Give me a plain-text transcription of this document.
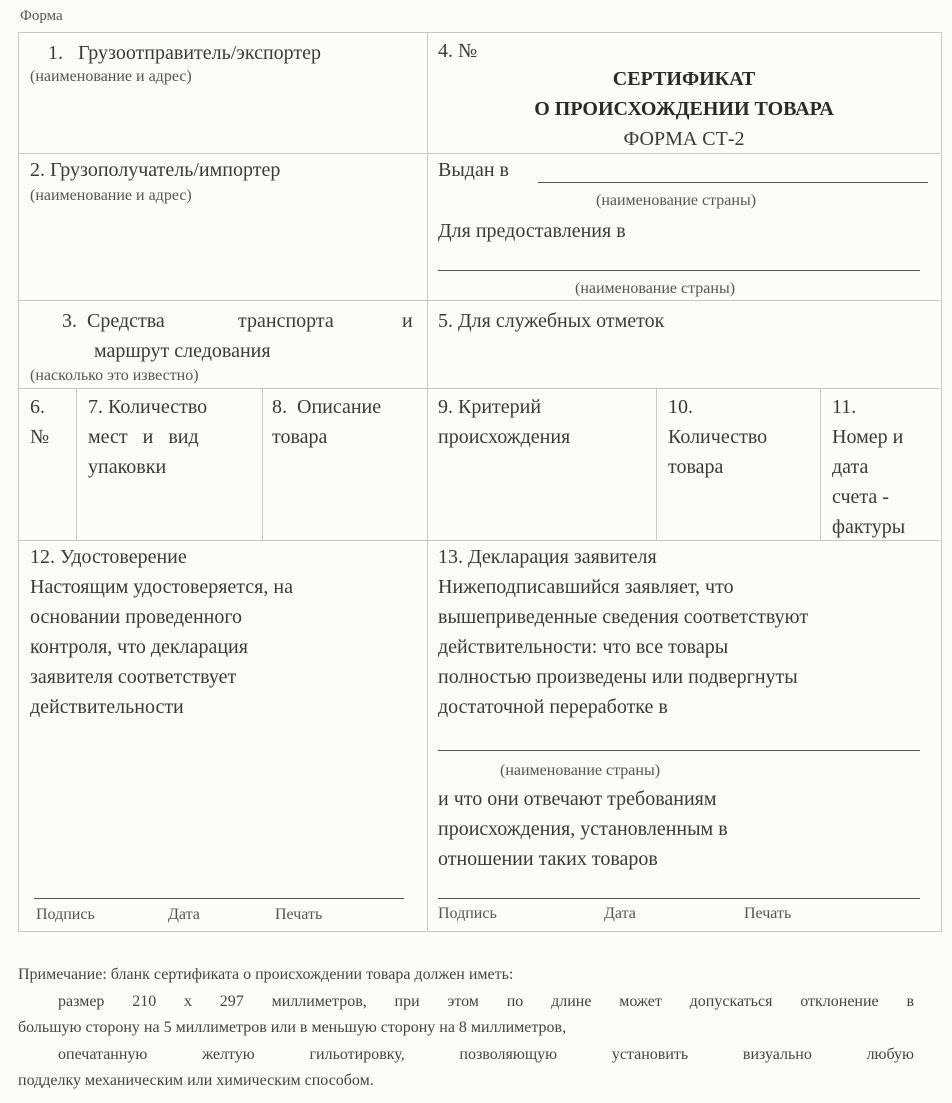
Форма
1.   Грузоотправитель/экспортер
(наименование и адрес)
4. №
СЕРТИФИКАТ
О ПРОИСХОЖДЕНИИ ТОВАРА
ФОРМА СТ-2
2. Грузополучатель/импортер
(наименование и адрес)
Выдан в
(наименование страны)
Для предоставления в
(наименование страны)
3.  Средства	транспорта	и
маршрут следования
(насколько это известно)
5. Для служебных отметок
6.
№
7. Количество
мест   и   вид
упаковки
8.  Описание
товара
9. Критерий
происхождения
10.
Количество
товара
11.
Номер и
дата
счета -
фактуры
12. Удостоверение
Настоящим удостоверяется, на
основании проведенного
контроля, что декларация
заявителя соответствует
действительности
Подпись	Дата	Печать
13. Декларация заявителя
Нижеподписавшийся заявляет, что
вышеприведенные сведения соответствуют
действительности: что все товары
полностью произведены или подвергнуты
достаточной переработке в
(наименование страны)
и что они отвечают требованиям
происхождения, установленным в
отношении таких товаров
Подпись	Дата	Печать
Примечание: бланк сертификата о происхождении товара должен иметь:
размер 210 х 297 миллиметров, при этом по длине может допускаться отклонение в
большую сторону на 5 миллиметров или в меньшую сторону на 8 миллиметров,
опечатанную желтую гильотировку, позволяющую установить визуально любую
подделку механическим или химическим способом.
